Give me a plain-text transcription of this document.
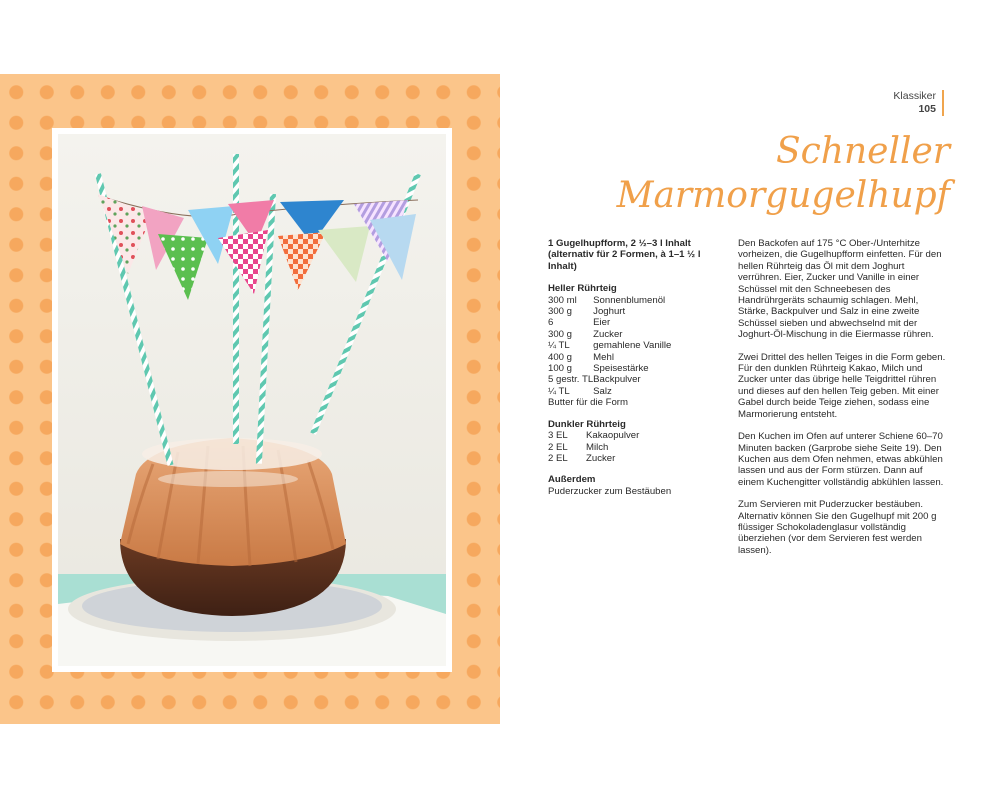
Klassiker
105
Schneller
Marmorgugelhupf
1 Gugelhupfform, 2 ½–3 l Inhalt
(alternativ für 2 Formen, à 1–1 ½ l Inhalt)
Heller Rührteig
300 ml	Sonnenblumenöl
300 g	Joghurt
6	Eier
300 g	Zucker
¼ TL	gemahlene Vanille
400 g	Mehl
100 g	Speisestärke
5 gestr. TL	Backpulver
¼ TL	Salz
Butter für die Form	
Dunkler Rührteig
3 EL	Kakaopulver
2 EL	Milch
2 EL	Zucker
Außerdem
Puderzucker zum Bestäuben

Den Backofen auf 175 °C Ober-/Unterhitze vorheizen, die Gugelhupfform einfetten. Für den hellen Rührteig das Öl mit dem Joghurt verrühren. Eier, Zucker und Vanille in einer Schüssel mit den Schneebesen des Handrührgeräts schaumig schlagen. Mehl, Stärke, Backpulver und Salz in eine zweite Schüssel sieben und abwechselnd mit der Joghurt-Öl-Mischung in die Eiermasse rühren.

Zwei Drittel des hellen Teiges in die Form geben. Für den dunklen Rührteig Kakao, Milch und Zucker unter das übrige helle Teigdrittel rühren und dieses auf den hellen Teig geben. Mit einer Gabel durch beide Teige ziehen, sodass eine Marmorierung entsteht.

Den Kuchen im Ofen auf unterer Schiene 60–70 Minuten backen (Garprobe siehe Seite 19). Den Kuchen aus dem Ofen nehmen, etwas abkühlen lassen und aus der Form stürzen. Dann auf einem Kuchengitter vollständig abkühlen lassen.

Zum Servieren mit Puderzucker bestäuben. Alternativ können Sie den Gugelhupf mit 200 g flüssiger Schokoladenglasur vollständig überziehen (vor dem Servieren fest werden lassen).
